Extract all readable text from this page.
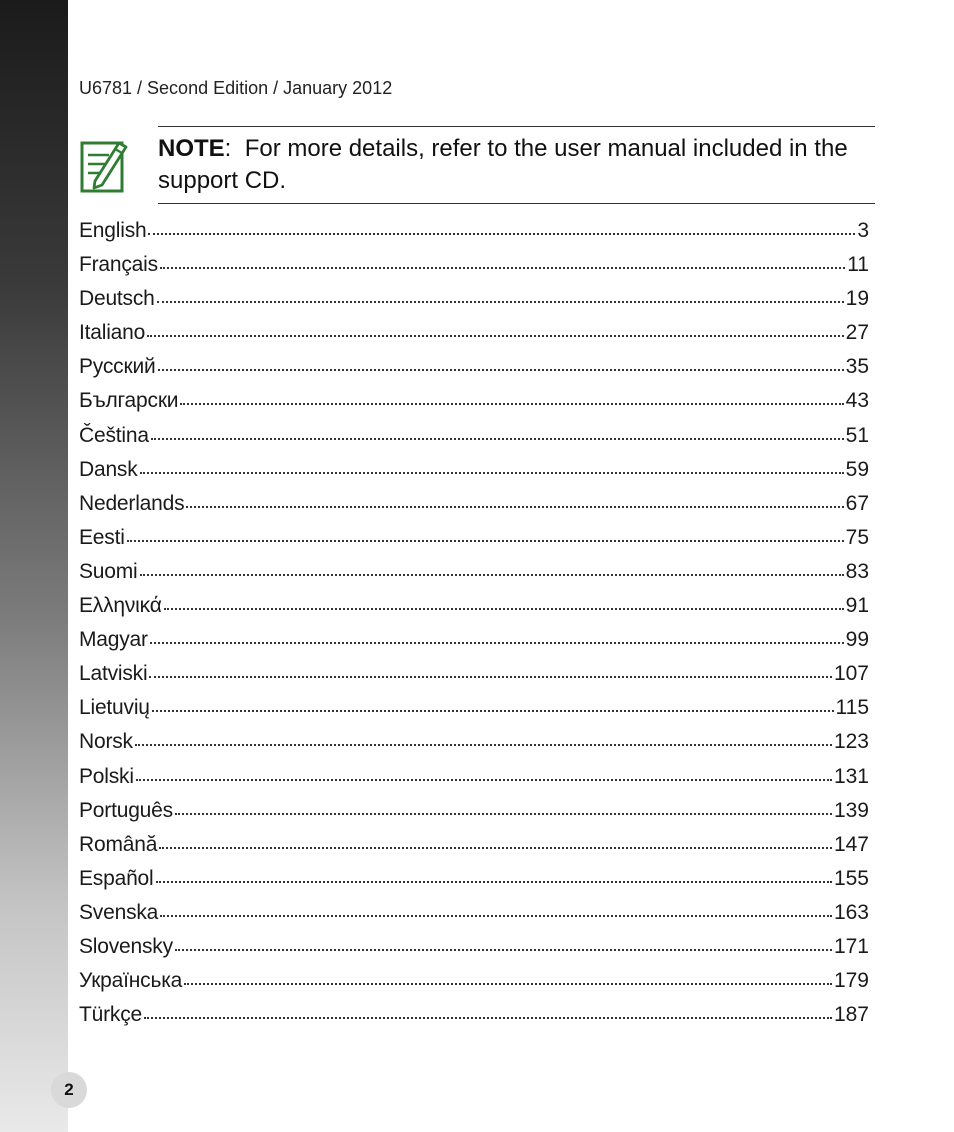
U6781 / Second Edition / January 2012
NOTE: For more details, refer to the user manual included in the support CD.
English	3
Français	11
Deutsch	19
Italiano	27
Русский	35
Български	43
Čeština	51
Dansk	59
Nederlands	67
Eesti	75
Suomi	83
Ελληνικά	91
Magyar	99
Latviski	107
Lietuvių	115
Norsk	123
Polski	131
Português	139
Română	147
Español	155
Svenska	163
Slovensky	171
Українська	179
Türkçe	187
2
